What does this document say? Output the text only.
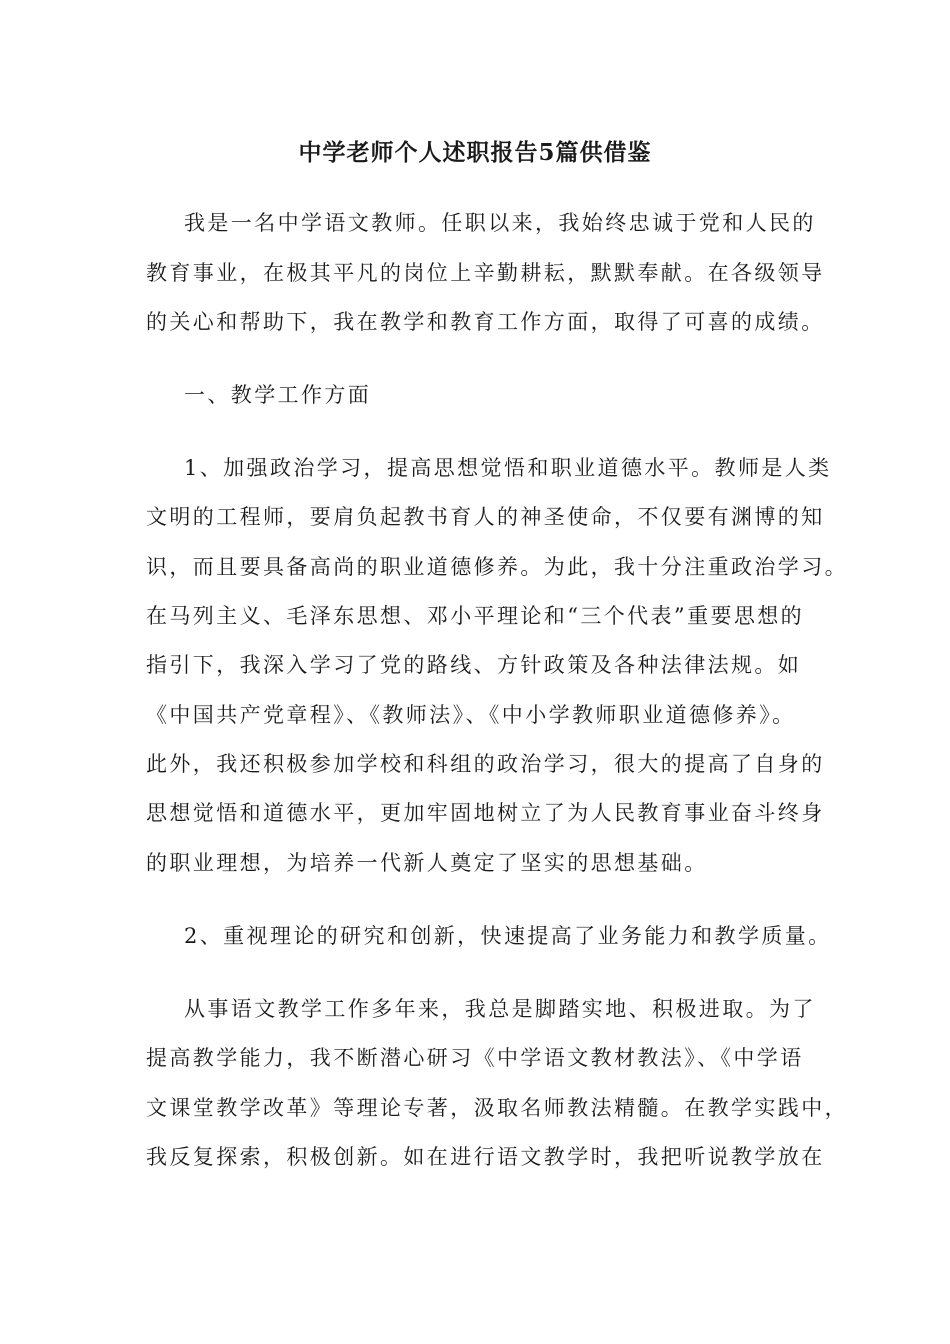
中学老师个人述职报告5篇供借鉴
我是一名中学语文教师。任职以来，我始终忠诚于党和人民的
教育事业，在极其平凡的岗位上辛勤耕耘，默默奉献。在各级领导
的关心和帮助下，我在教学和教育工作方面，取得了可喜的成绩。
一、教学工作方面
1、加强政治学习，提高思想觉悟和职业道德水平。教师是人类
文明的工程师，要肩负起教书育人的神圣使命，不仅要有渊博的知
识，而且要具备高尚的职业道德修养。为此，我十分注重政治学习。
在马列主义、毛泽东思想、邓小平理论和“三个代表”重要思想的
指引下，我深入学习了党的路线、方针政策及各种法律法规。如
《中国共产党章程》、《教师法》、《中小学教师职业道德修养》。
此外，我还积极参加学校和科组的政治学习，很大的提高了自身的
思想觉悟和道德水平，更加牢固地树立了为人民教育事业奋斗终身
的职业理想，为培养一代新人奠定了坚实的思想基础。
2、重视理论的研究和创新，快速提高了业务能力和教学质量。
从事语文教学工作多年来，我总是脚踏实地、积极进取。为了
提高教学能力，我不断潜心研习《中学语文教材教法》、《中学语
文课堂教学改革》等理论专著，汲取名师教法精髓。在教学实践中，
我反复探索，积极创新。如在进行语文教学时，我把听说教学放在
